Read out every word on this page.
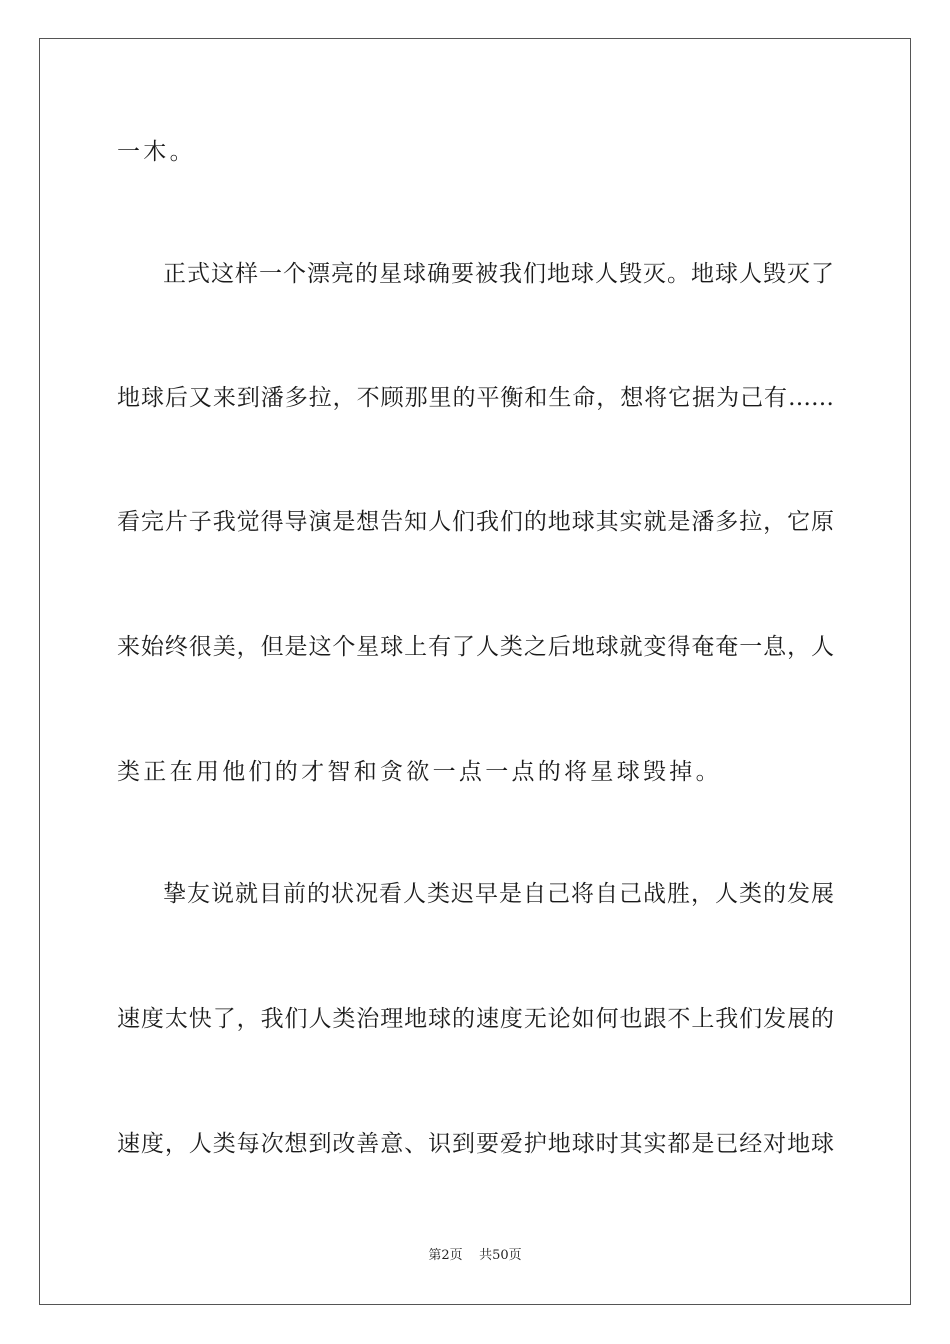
一木。
正式这样一个漂亮的星球确要被我们地球人毁灭。地球人毁灭了
地球后又来到潘多拉，不顾那里的平衡和生命，想将它据为己有……
看完片子我觉得导演是想告知人们我们的地球其实就是潘多拉，它原
来始终很美，但是这个星球上有了人类之后地球就变得奄奄一息，人
类正在用他们的才智和贪欲一点一点的将星球毁掉。
挚友说就目前的状况看人类迟早是自己将自己战胜，人类的发展
速度太快了，我们人类治理地球的速度无论如何也跟不上我们发展的
速度，人类每次想到改善意、识到要爱护地球时其实都是已经对地球
第2页    共50页
